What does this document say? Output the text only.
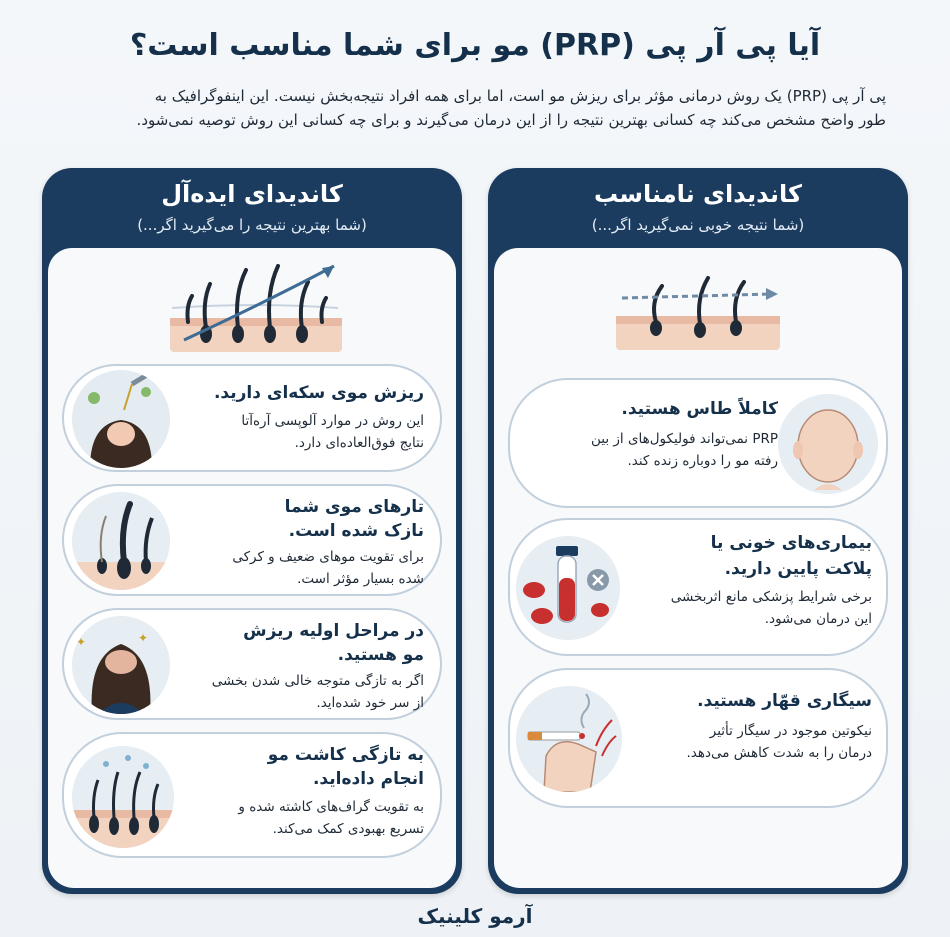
آیا پی آر پی (PRP) مو برای شما مناسب است؟
پی آر پی (PRP) یک روش درمانی مؤثر برای ریزش مو است، اما برای همه افراد نتیجه‌بخش نیست. این اینفوگرافیک به
طور واضح مشخص می‌کند چه کسانی بهترین نتیجه را از این درمان می‌گیرند و برای چه کسانی این روش توصیه نمی‌شود.
کاندیدای ایده‌آل
(شما بهترین نتیجه را می‌گیرید اگر...)
ریزش موی سکه‌ای دارید.
این روش در موارد آلوپسی آره‌آتا
نتایج فوق‌العاده‌ای دارد.
تارهای موی شما
نازک شده است.
برای تقویت موهای ضعیف و کرکی
شده بسیار مؤثر است.
✦	✦	در مراحل اولیه ریزش
مو هستید.
اگر به تازگی متوجه خالی شدن بخشی
از سر خود شده‌اید.
به تازگی کاشت مو
انجام داده‌اید.
به تقویت گراف‌های کاشته شده و
تسریع بهبودی کمک می‌کند.
کاندیدای نامناسب
(شما نتیجه خوبی نمی‌گیرید اگر...)
کاملاً طاس هستید.
PRP نمی‌تواند فولیکول‌های از بین
رفته مو را دوباره زنده کند.
بیماری‌های خونی یا
پلاکت پایین دارید.
برخی شرایط پزشکی مانع اثربخشی
این درمان می‌شود.
سیگاری قهّار هستید.
نیکوتین موجود در سیگار تأثیر
درمان را به شدت کاهش می‌دهد.
آرمو کلینیک
